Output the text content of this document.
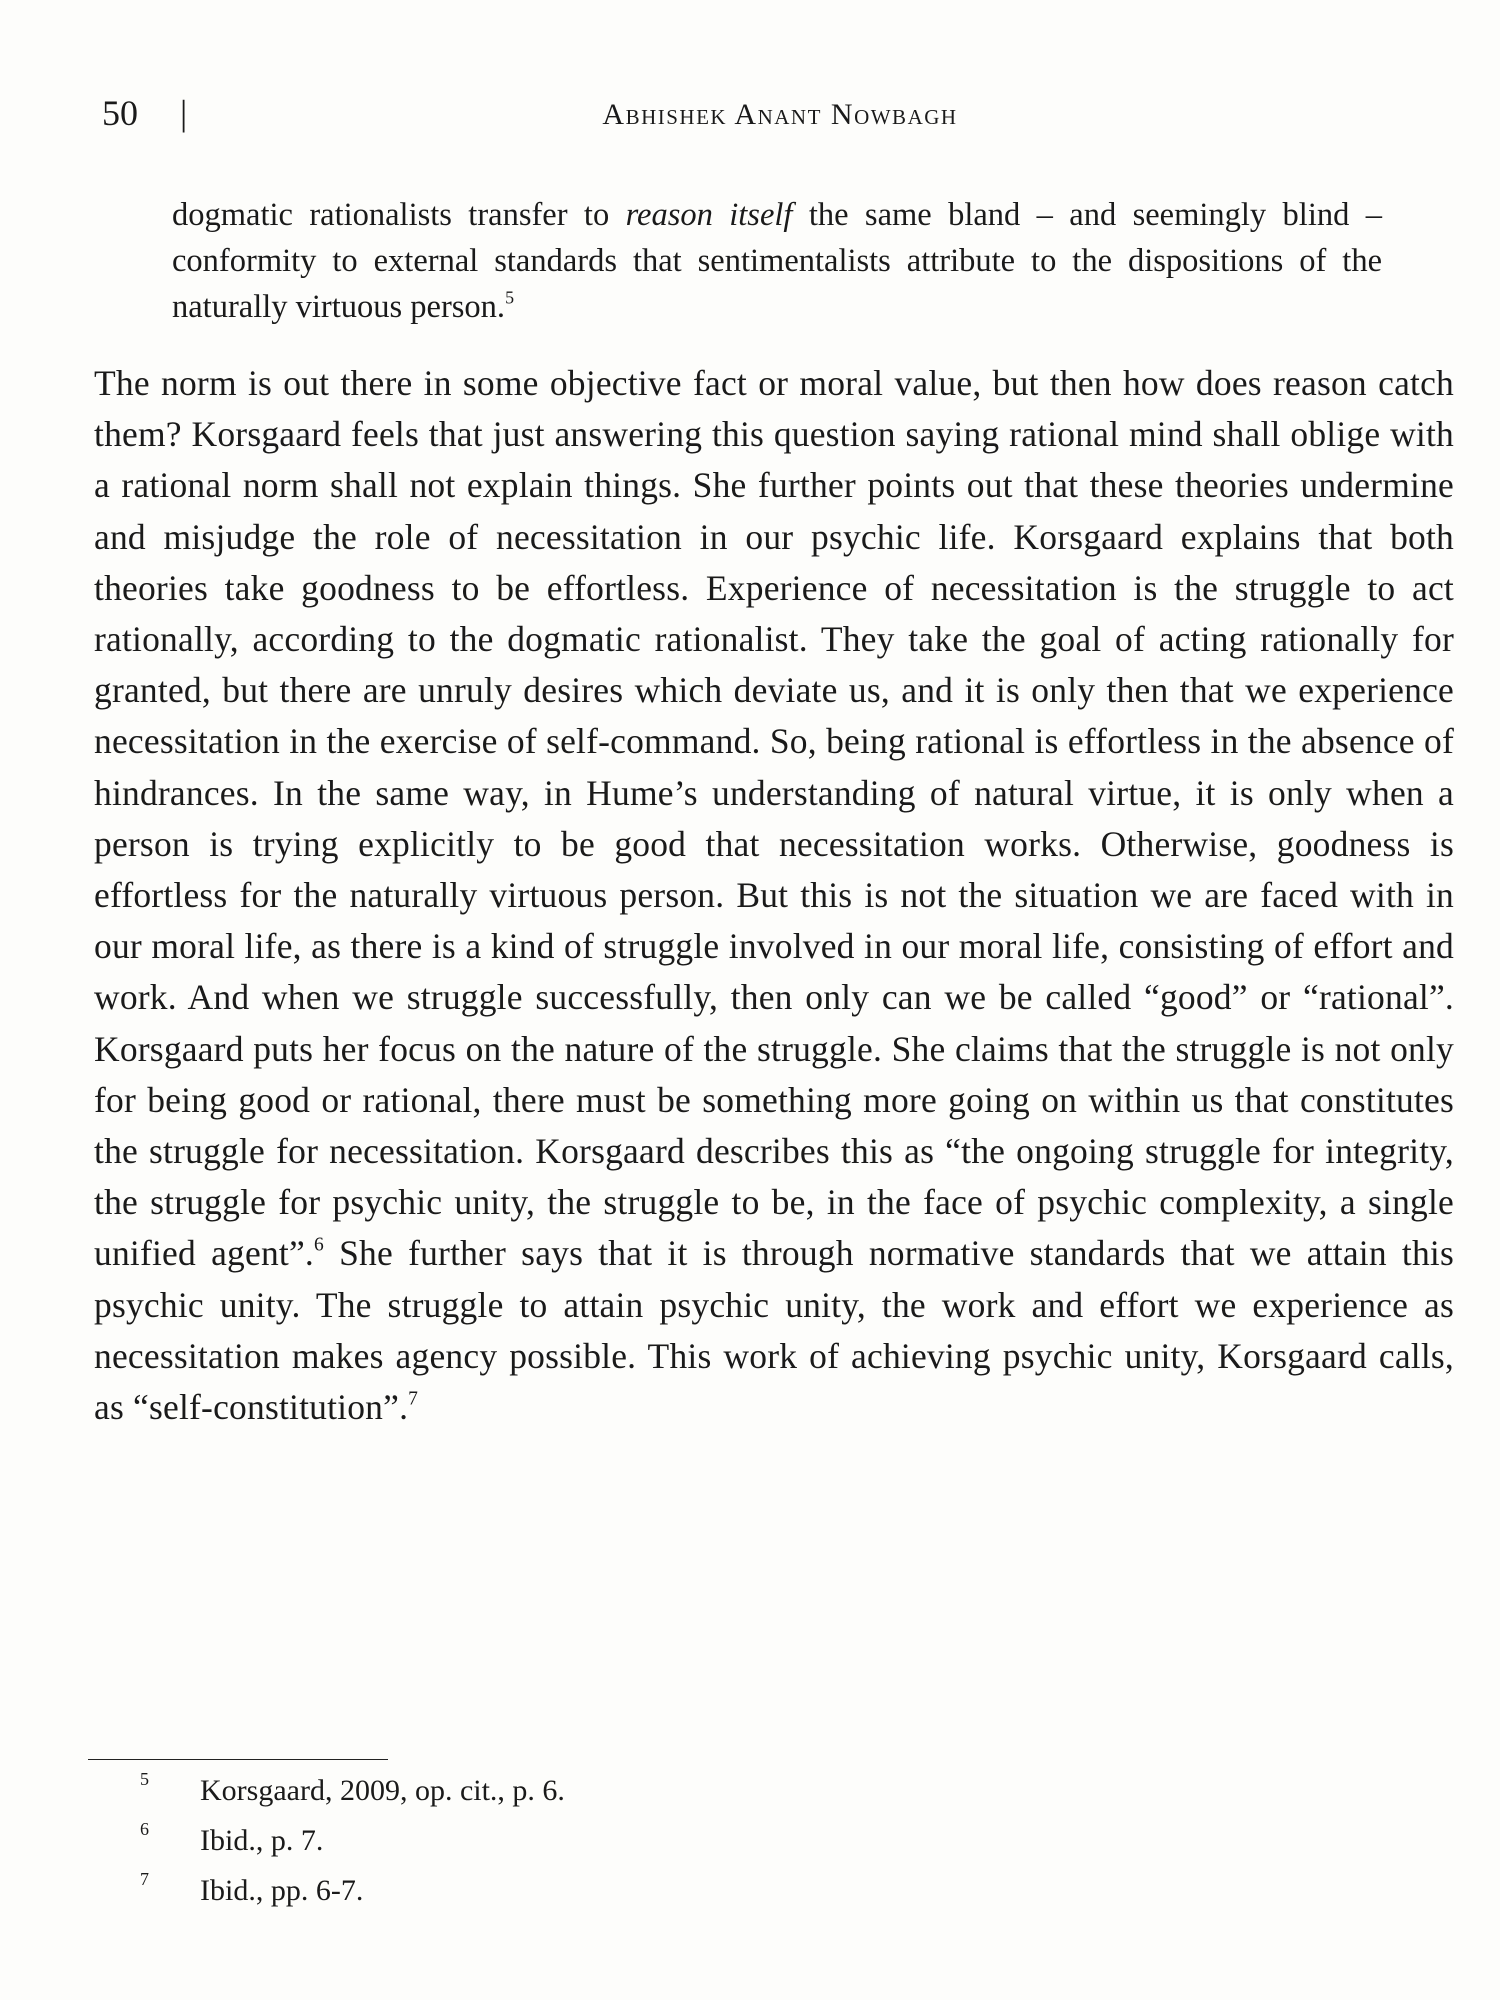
50 |	Abhishek Anant Nowbagh
dogmatic rationalists transfer to reason itself the same bland – and seemingly blind – conformity to external standards that sentimentalists attribute to the dispositions of the naturally virtuous person.$^5$
The norm is out there in some objective fact or moral value, but then how does reason catch them? Korsgaard feels that just answering this question saying rational mind shall oblige with a rational norm shall not explain things. She further points out that these theories undermine and misjudge the role of necessitation in our psychic life. Korsgaard explains that both theories take goodness to be effortless. Experience of necessitation is the struggle to act rationally, according to the dogmatic rationalist. They take the goal of acting rationally for granted, but there are unruly desires which deviate us, and it is only then that we experience necessitation in the exercise of self-command. So, being rational is effortless in the absence of hindrances. In the same way, in Hume’s understanding of natural virtue, it is only when a person is trying explicitly to be good that necessitation works. Otherwise, goodness is effortless for the naturally virtuous person. But this is not the situation we are faced with in our moral life, as there is a kind of struggle involved in our moral life, consisting of effort and work. And when we struggle successfully, then only can we be called “good” or “rational”. Korsgaard puts her focus on the nature of the struggle. She claims that the struggle is not only for being good or rational, there must be something more going on within us that constitutes the struggle for necessitation. Korsgaard describes this as “the ongoing struggle for integrity, the struggle for psychic unity, the struggle to be, in the face of psychic complexity, a single unified agent”.$^6$ She further says that it is through normative standards that we attain this psychic unity. The struggle to attain psychic unity, the work and effort we experience as necessitation makes agency possible. This work of achieving psychic unity, Korsgaard calls, as “self-constitution”.$^7$
5 Korsgaard, 2009, op. cit., p. 6.
6 Ibid., p. 7.
7 Ibid., pp. 6-7.
